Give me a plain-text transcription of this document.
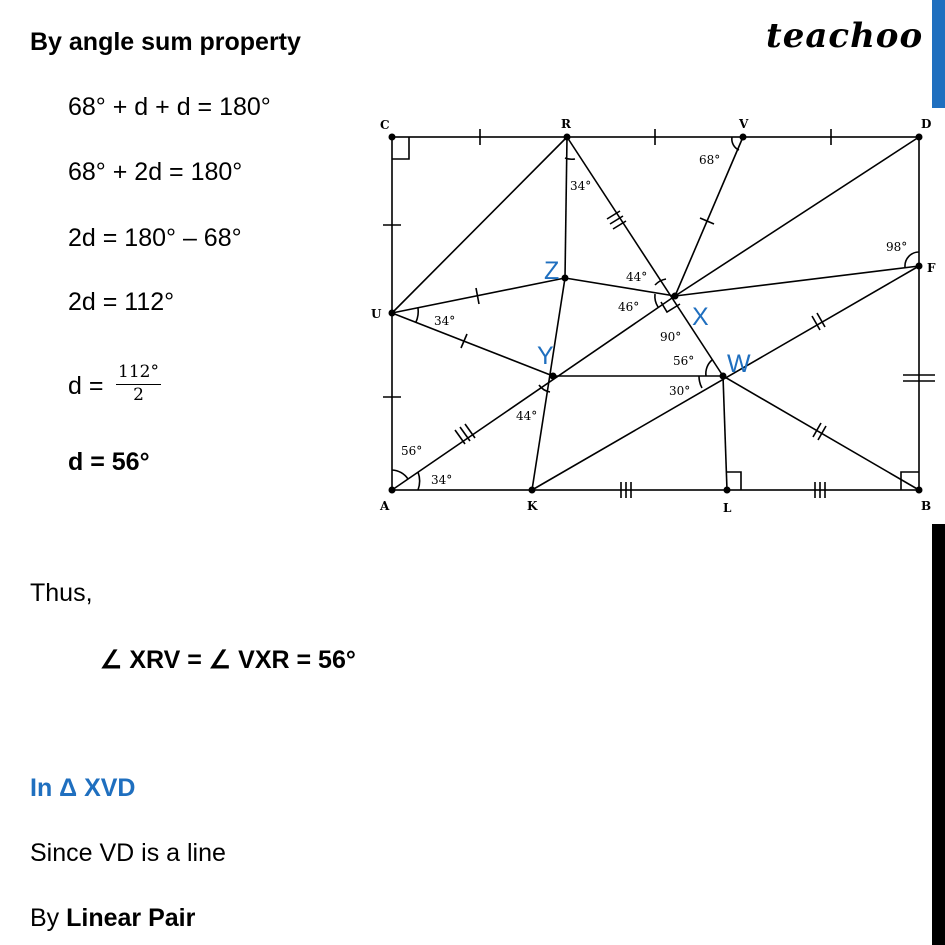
teachoo
By angle sum property
68° + d + d = 180°
68° + 2d = 180°
2d = 180° – 68°
2d = 112°
$d = \frac{112^\circ}{2}$
d = 56°
Thus,
∠ XRV = ∠ VXR = 56°
In Δ XVD
Since VD is a line
By Linear Pair
C	R	V	D
F
U
A	K	L	B
Z
X
Y	W
68°
34°
98°
44°
46°
34°
90°
56°
30°
44°
56°
34°
